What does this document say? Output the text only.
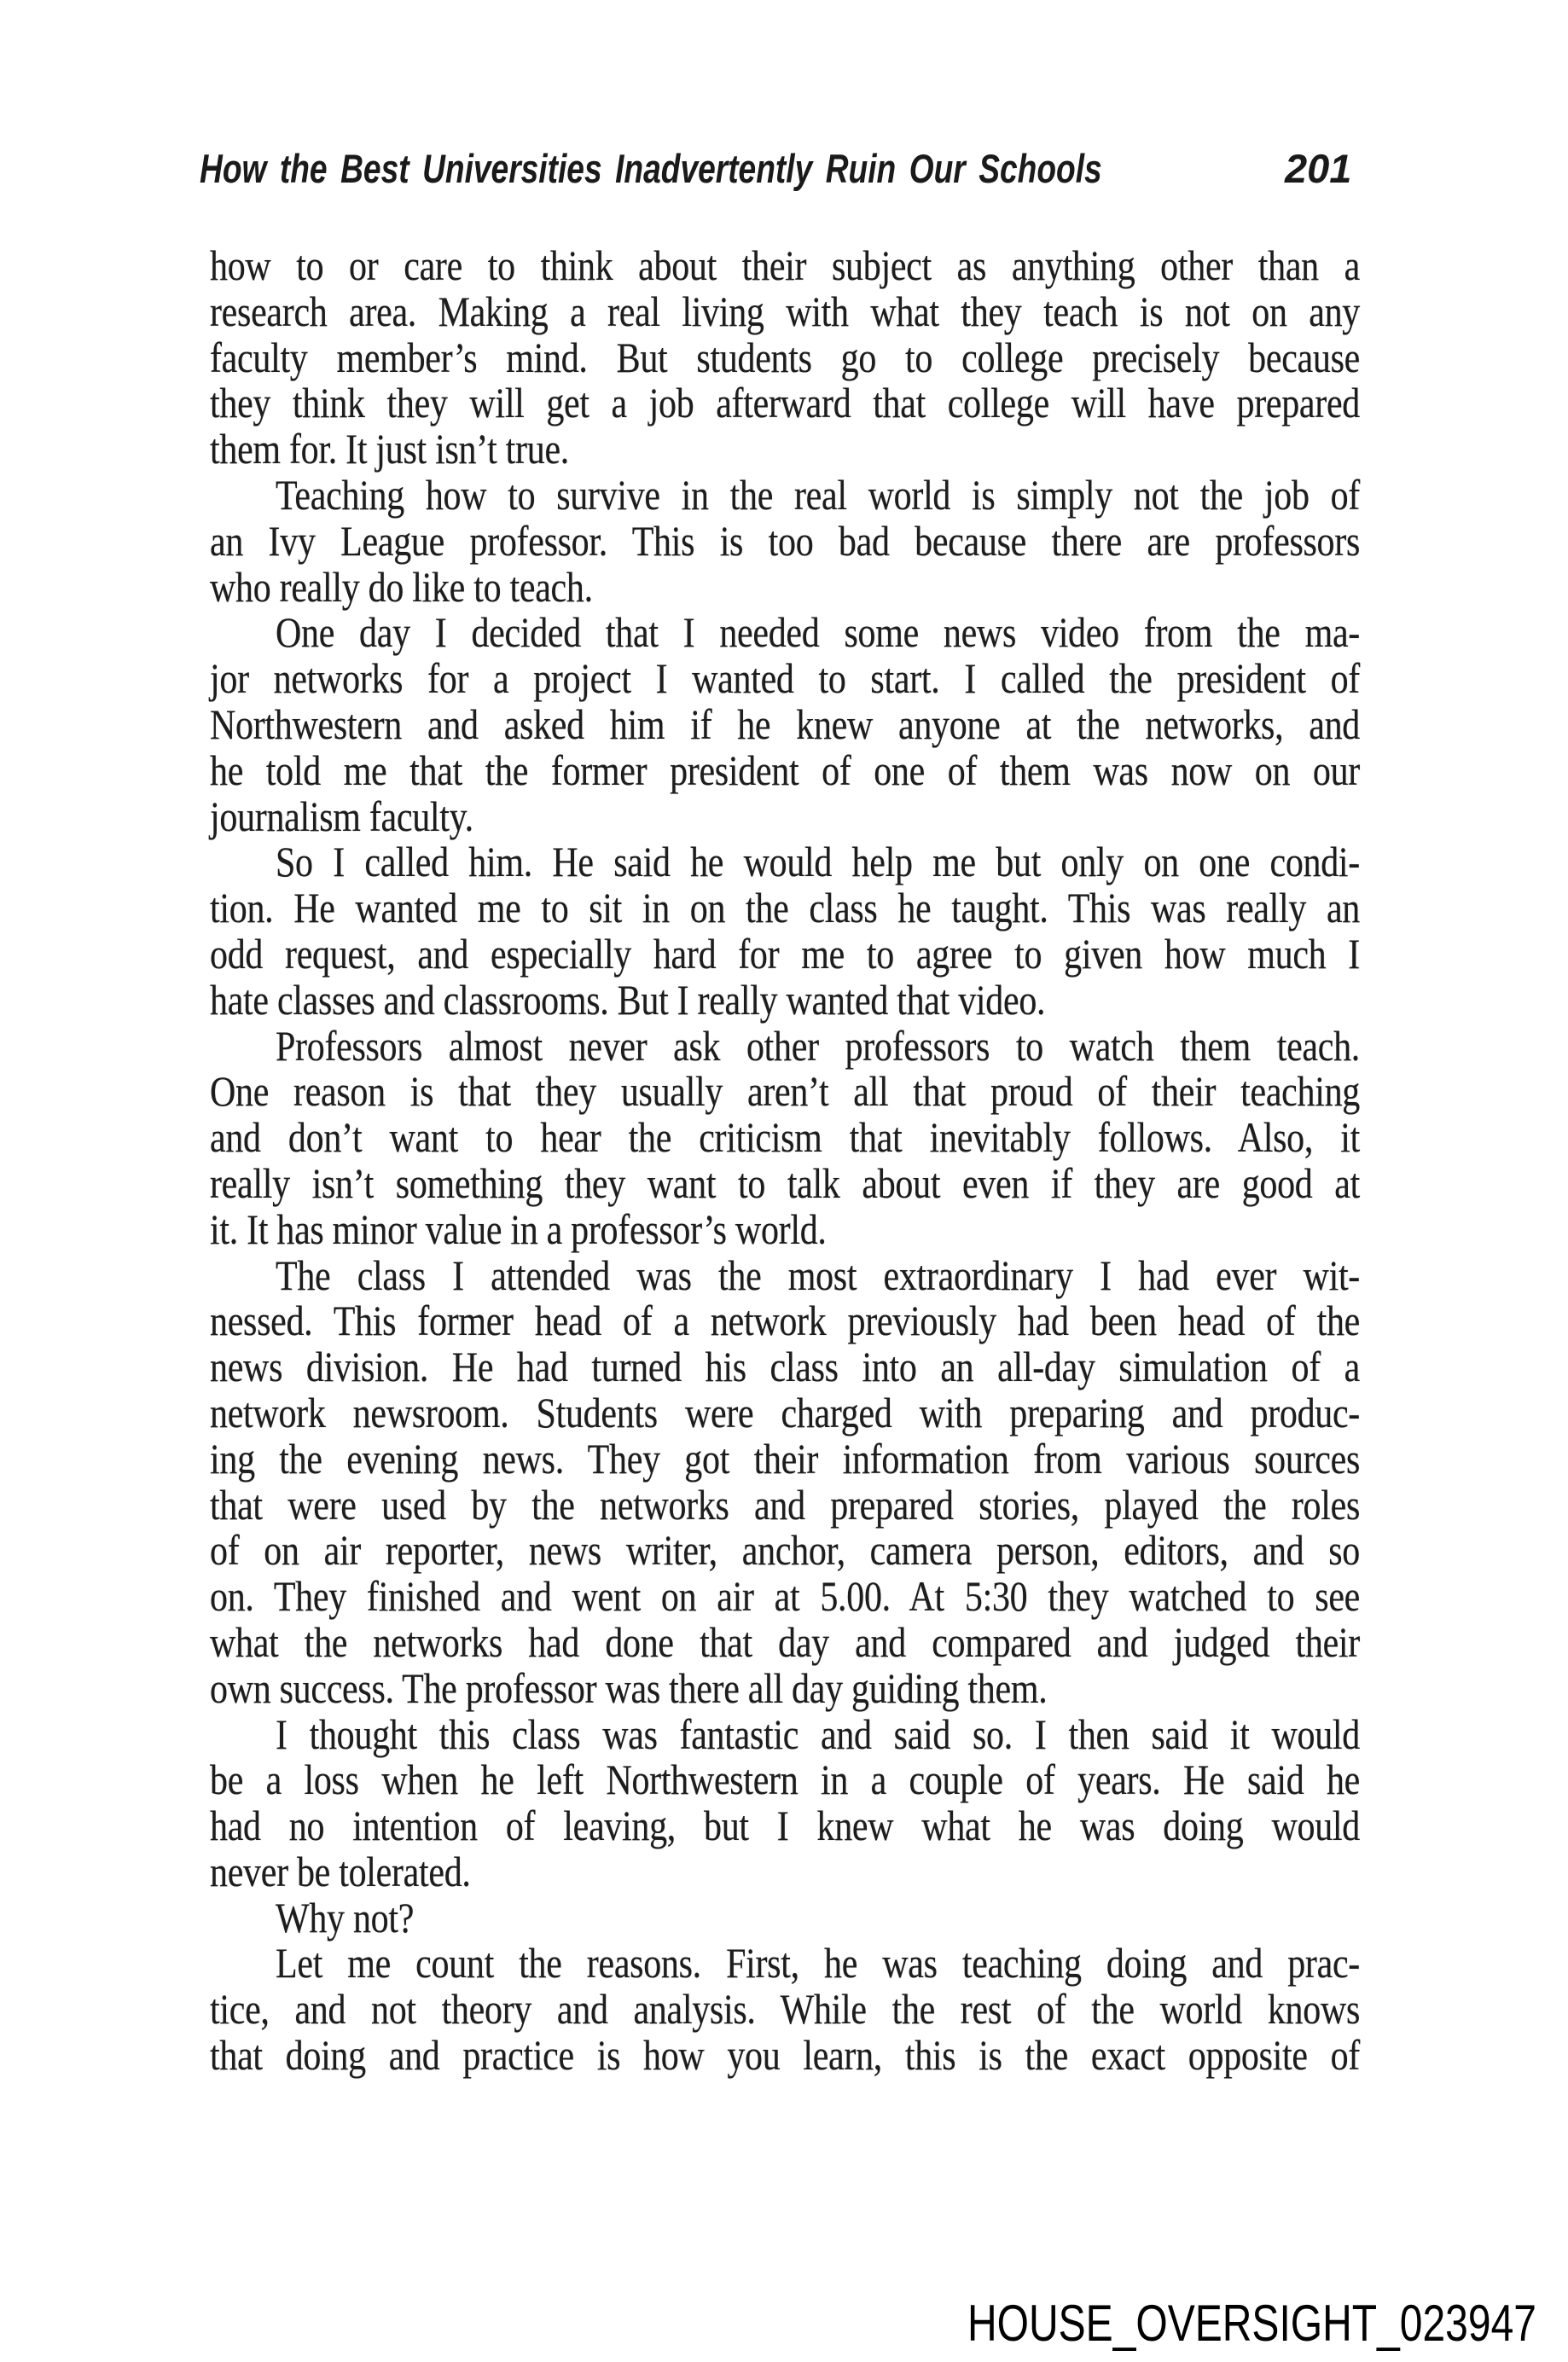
How the Best Universities Inadvertently Ruin Our Schools	201
how to or care to think about their subject as anything other than a
research area. Making a real living with what they teach is not on any
faculty member’s mind. But students go to college precisely because
they think they will get a job afterward that college will have prepared
them for. It just isn’t true.
Teaching how to survive in the real world is simply not the job of
an Ivy League professor. This is too bad because there are professors
who really do like to teach.
One day I decided that I needed some news video from the ma-
jor networks for a project I wanted to start. I called the president of
Northwestern and asked him if he knew anyone at the networks, and
he told me that the former president of one of them was now on our
journalism faculty.
So I called him. He said he would help me but only on one condi-
tion. He wanted me to sit in on the class he taught. This was really an
odd request, and especially hard for me to agree to given how much I
hate classes and classrooms. But I really wanted that video.
Professors almost never ask other professors to watch them teach.
One reason is that they usually aren’t all that proud of their teaching
and don’t want to hear the criticism that inevitably follows. Also, it
really isn’t something they want to talk about even if they are good at
it. It has minor value in a professor’s world.
The class I attended was the most extraordinary I had ever wit-
nessed. This former head of a network previously had been head of the
news division. He had turned his class into an all-day simulation of a
network newsroom. Students were charged with preparing and produc-
ing the evening news. They got their information from various sources
that were used by the networks and prepared stories, played the roles
of on air reporter, news writer, anchor, camera person, editors, and so
on. They finished and went on air at 5.00. At 5:30 they watched to see
what the networks had done that day and compared and judged their
own success. The professor was there all day guiding them.
I thought this class was fantastic and said so. I then said it would
be a loss when he left Northwestern in a couple of years. He said he
had no intention of leaving, but I knew what he was doing would
never be tolerated.
Why not?
Let me count the reasons. First, he was teaching doing and prac-
tice, and not theory and analysis. While the rest of the world knows
that doing and practice is how you learn, this is the exact opposite of
HOUSE_OVERSIGHT_023947
